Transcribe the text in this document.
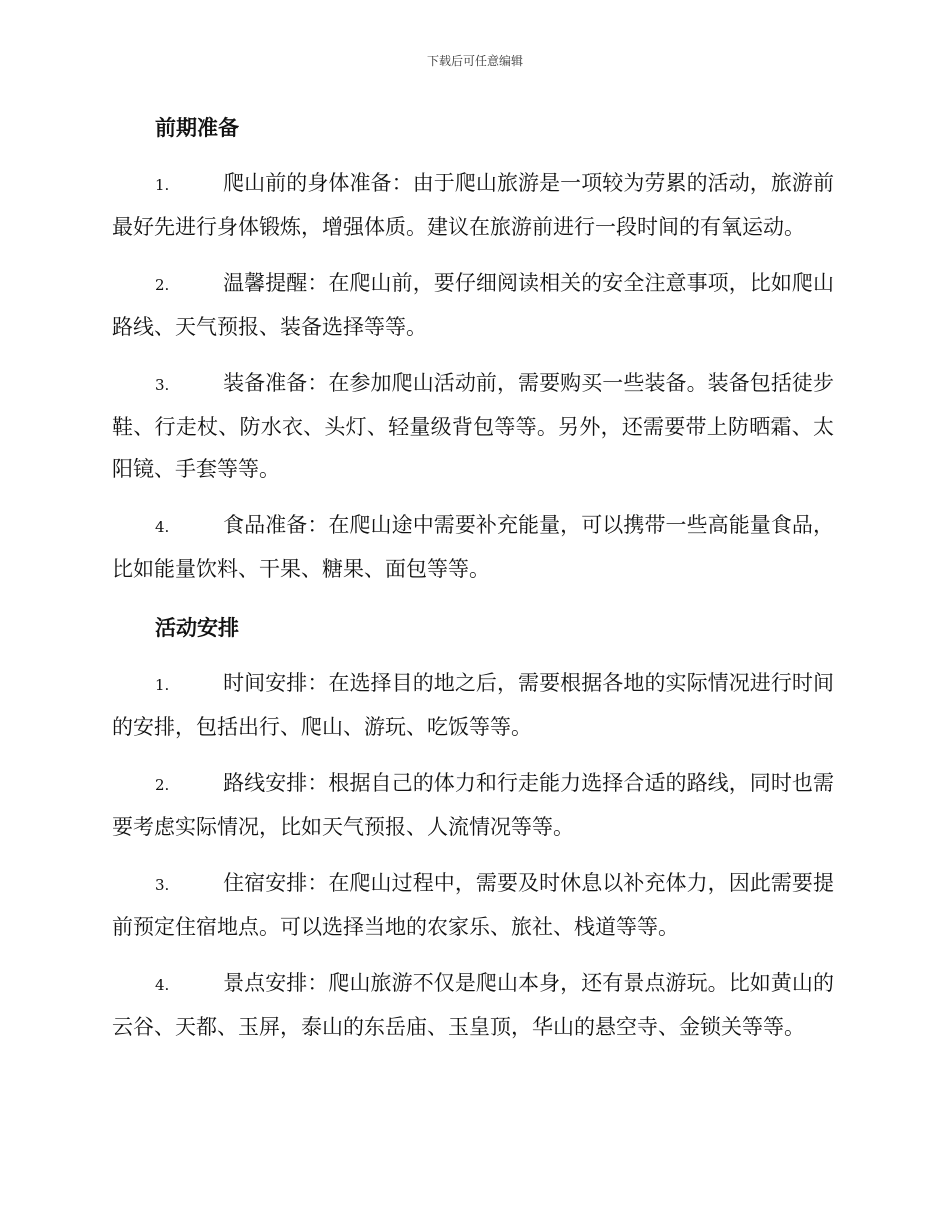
下载后可任意编辑
前期准备
1.	爬山前的身体准备：由于爬山旅游是一项较为劳累的活动，旅游前最好先进行身体锻炼，增强体质。建议在旅游前进行一段时间的有氧运动。
2.	温馨提醒：在爬山前，要仔细阅读相关的安全注意事项，比如爬山路线、天气预报、装备选择等等。
3.	装备准备：在参加爬山活动前，需要购买一些装备。装备包括徒步鞋、行走杖、防水衣、头灯、轻量级背包等等。另外，还需要带上防晒霜、太阳镜、手套等等。
4.	食品准备：在爬山途中需要补充能量，可以携带一些高能量食品，比如能量饮料、干果、糖果、面包等等。
活动安排
1.	时间安排：在选择目的地之后，需要根据各地的实际情况进行时间的安排，包括出行、爬山、游玩、吃饭等等。
2.	路线安排：根据自己的体力和行走能力选择合适的路线，同时也需要考虑实际情况，比如天气预报、人流情况等等。
3.	住宿安排：在爬山过程中，需要及时休息以补充体力，因此需要提前预定住宿地点。可以选择当地的农家乐、旅社、栈道等等。
4.	景点安排：爬山旅游不仅是爬山本身，还有景点游玩。比如黄山的云谷、天都、玉屏，泰山的东岳庙、玉皇顶，华山的悬空寺、金锁关等等。
